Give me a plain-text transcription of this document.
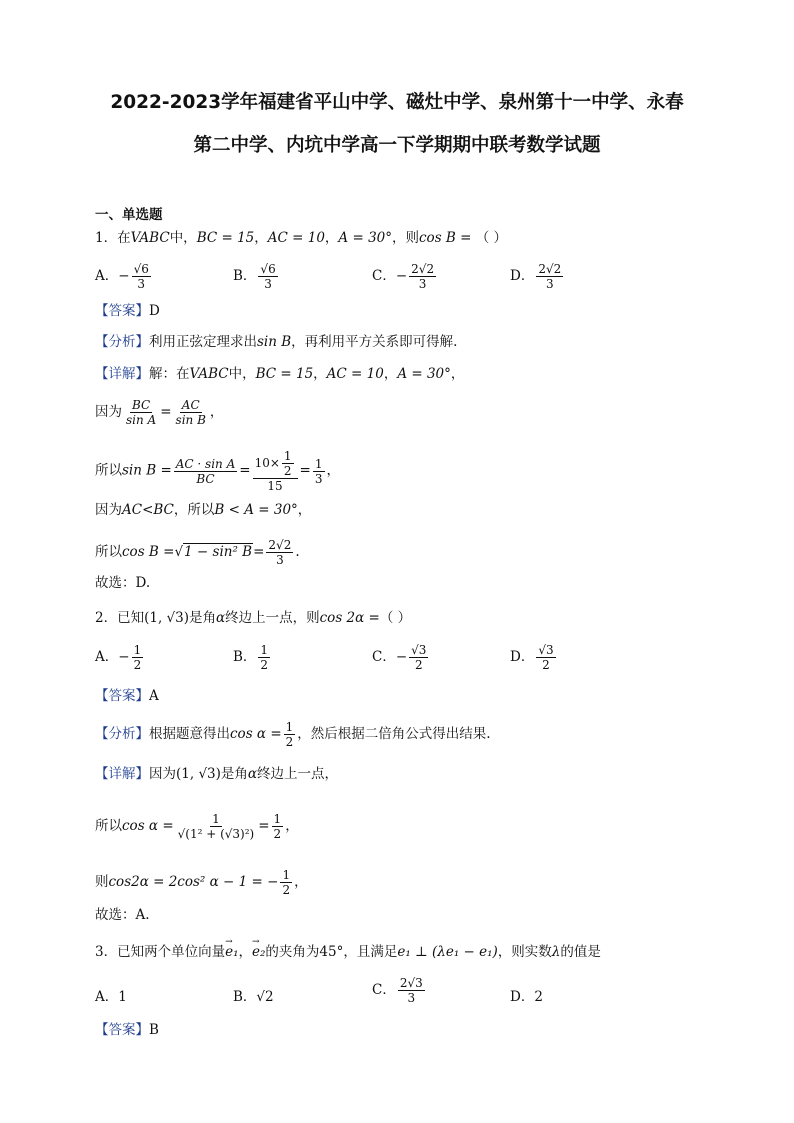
2022-2023学年福建省平山中学、磁灶中学、泉州第十一中学、永春
第二中学、内坑中学高一下学期期中联考数学试题
一、单选题
1．在VABC中，BC = 15，AC = 10，A = 30°，则cos B = （ ）
A．− $\frac{√6}{3}$	B． $\frac{√6}{3}$	C．− $\frac{2√2}{3}$	D． $\frac{2√2}{3}$
【答案】D
【分析】利用正弦定理求出sin B，再利用平方关系即可得解.
【详解】解：在VABC中，BC = 15，AC = 10，A = 30°，
因为 $\frac{BC}{\text{sin A}} = \frac{AC}{\text{sin B}}$ ，
所以$\sin B = \frac{\text{AC · sin A}}{BC} = \frac{10\times \frac{1}{2}}{15} = \frac{1}{3}$ ，
因为AC<BC，所以B < A = 30°，
所以cos B =√1 − sin² $B= \frac{2√2}{3}$ .
故选：D.
2．已知(1, √3)是角α终边上一点，则cos 2α =（ ）
A．− $\frac{1}{2}$	B． $\frac{1}{2}$	C．− $\frac{√3}{2}$	D． $\frac{√3}{2}$
【答案】A
【分析】根据题意得出$\cos \alpha = \frac{1}{2}$ ，然后根据二倍角公式得出结果.
【详解】因为(1, √3)是角α终边上一点，
所以$\cos \alpha = \frac{1}{\text{√(1² + (√3)²)}} = \frac{1}{2}$ ，
则cos2α = 2cos² α − 1 = − $\frac{1}{2}$ ，
故选：A.
3．已知两个单位向量→ e₁，→ e₂的夹角为45°，且满足e₁ ⊥ (λe₁ − e₁)，则实数λ的值是
A．1	B．√2	C． $\frac{2√3}{3}$	D．2
【答案】B
